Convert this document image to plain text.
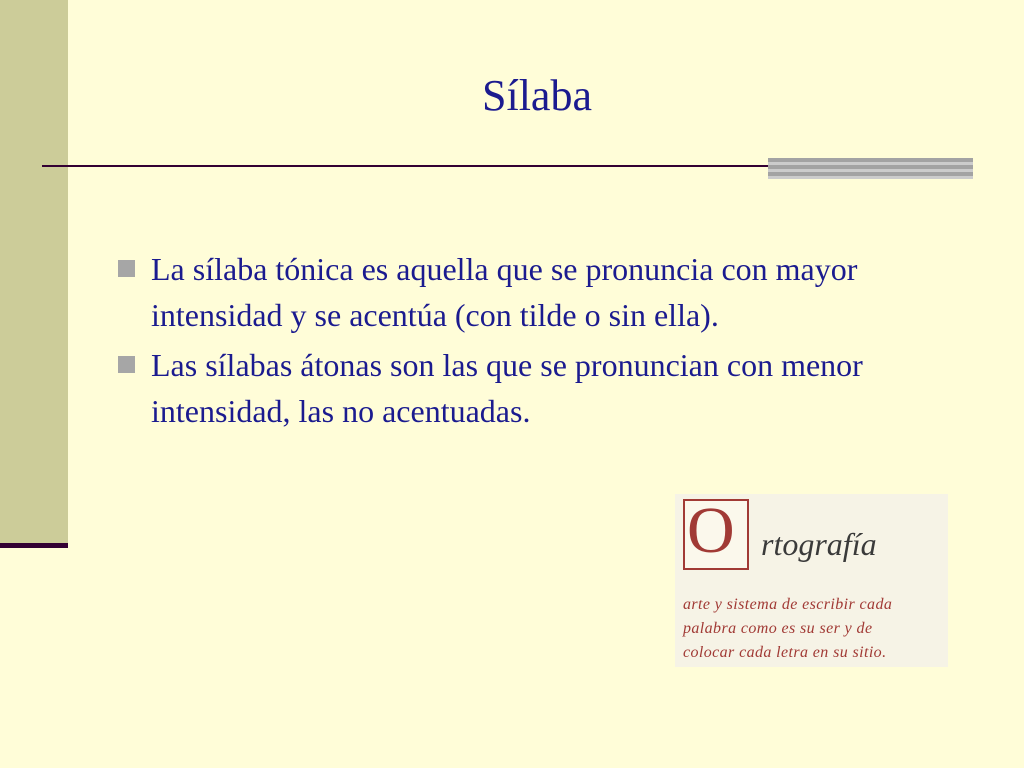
Sílaba
La sílaba tónica es aquella que se pronuncia con mayor intensidad y se acentúa (con tilde o sin ella).
Las sílabas átonas son las que se pronuncian con menor intensidad, las no acentuadas.
O rtografía
arte y sistema de escribir cada
palabra como es su ser y de
colocar cada letra en su sitio.
